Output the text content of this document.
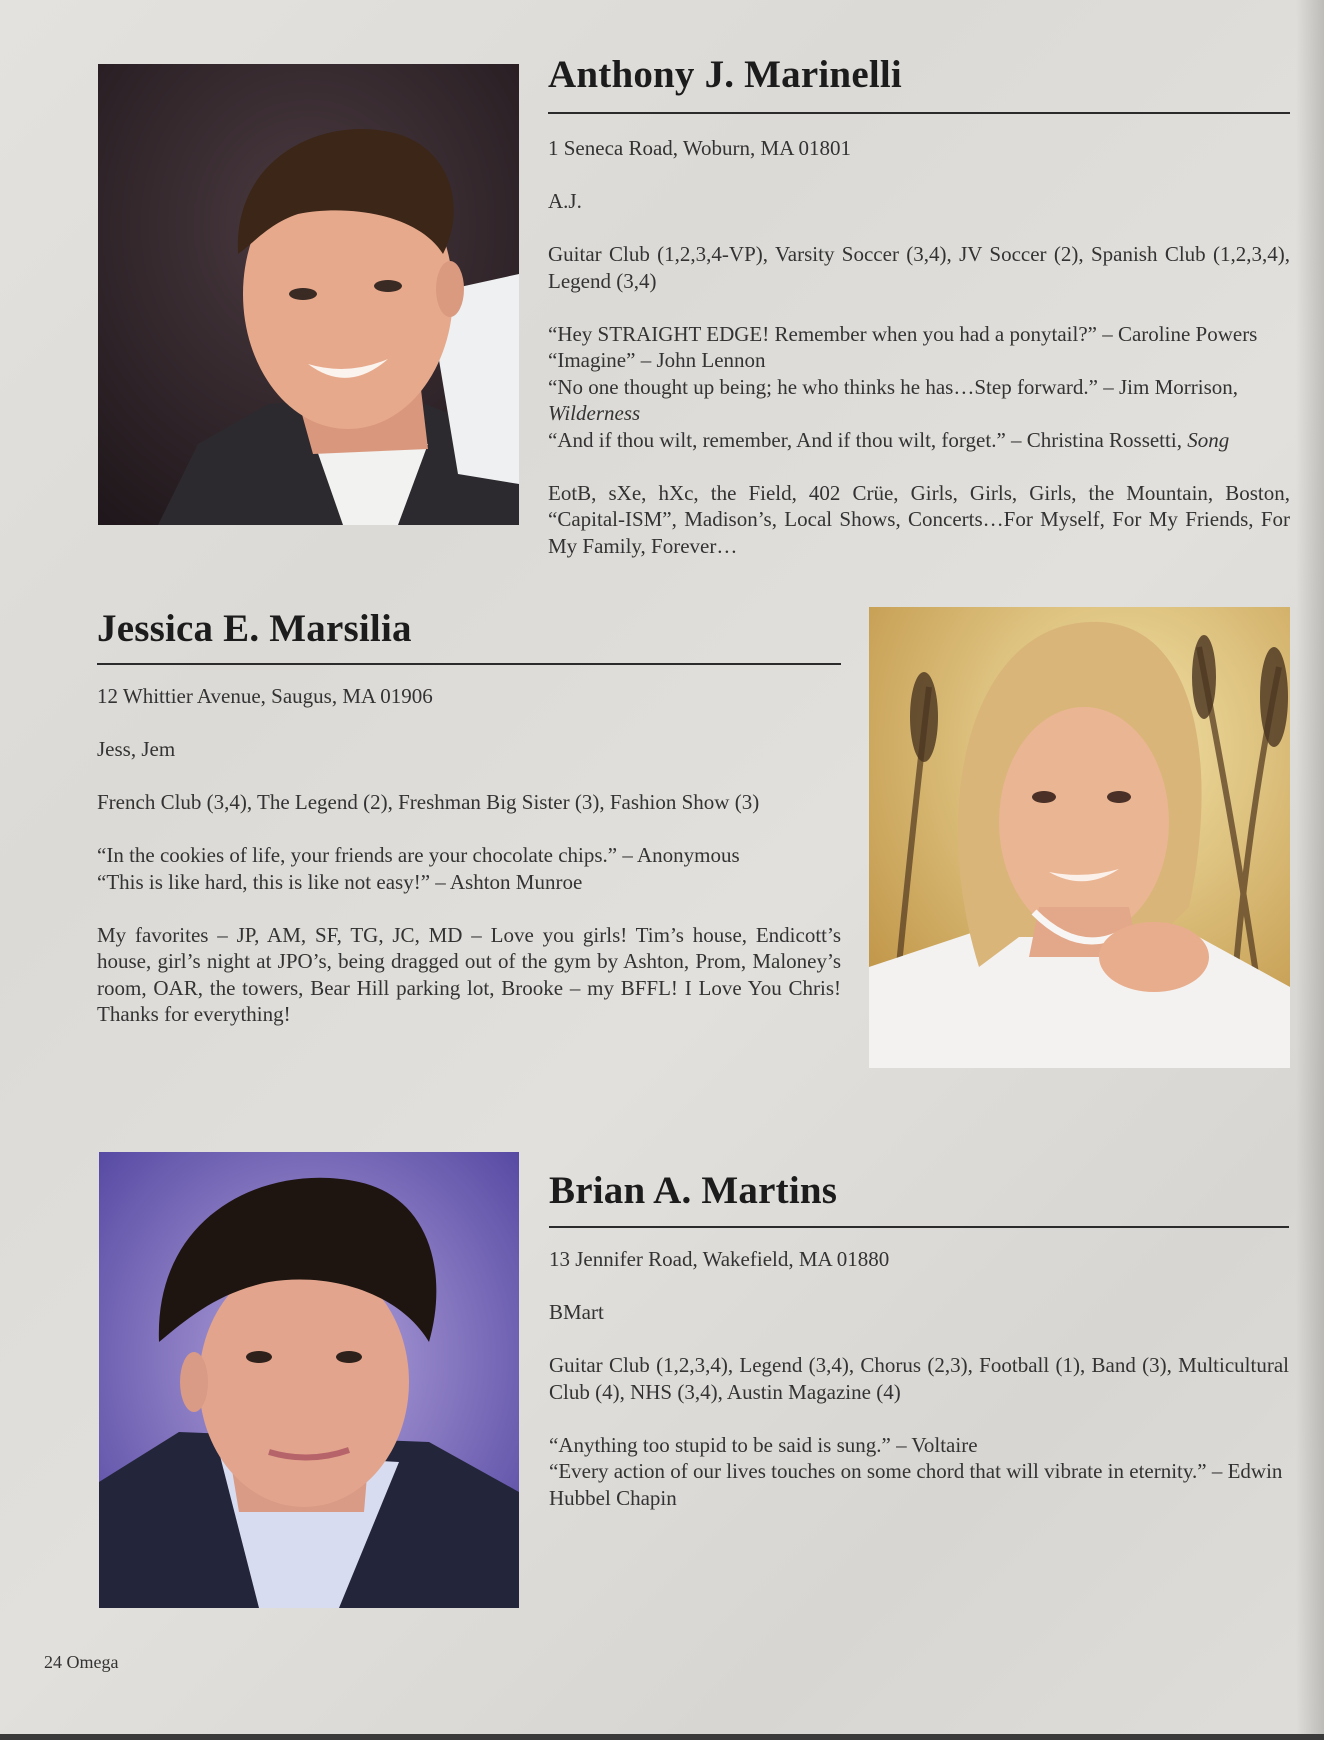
Anthony J. Marinelli

1 Seneca Road, Woburn, MA 01801

A.J.

Guitar Club (1,2,3,4-VP), Varsity Soccer (3,4), JV Soccer (2), Spanish Club (1,2,3,4), Legend (3,4)

“Hey STRAIGHT EDGE! Remember when you had a ponytail?” – Caroline Powers
“Imagine” – John Lennon
“No one thought up being; he who thinks he has…Step forward.” – Jim Morrison, Wilderness
“And if thou wilt, remember, And if thou wilt, forget.” – Christina Rossetti, Song

EotB, sXe, hXc, the Field, 402 Crüe, Girls, Girls, Girls, the Mountain, Boston, “Capital-ISM”, Madison’s, Local Shows, Concerts…For Myself, For My Friends, For My Family, Forever…

Jessica E. Marsilia

12 Whittier Avenue, Saugus, MA 01906

Jess, Jem

French Club (3,4), The Legend (2), Freshman Big Sister (3), Fashion Show (3)

“In the cookies of life, your friends are your chocolate chips.” – Anonymous
“This is like hard, this is like not easy!” – Ashton Munroe

My favorites – JP, AM, SF, TG, JC, MD – Love you girls! Tim’s house, Endicott’s house, girl’s night at JPO’s, being dragged out of the gym by Ashton, Prom, Maloney’s room, OAR, the towers, Bear Hill parking lot, Brooke – my BFFL! I Love You Chris! Thanks for everything!

Brian A. Martins

13 Jennifer Road, Wakefield, MA 01880

BMart

Guitar Club (1,2,3,4), Legend (3,4), Chorus (2,3), Football (1), Band (3), Multicultural Club (4), NHS (3,4), Austin Magazine (4)

“Anything too stupid to be said is sung.” – Voltaire
“Every action of our lives touches on some chord that will vibrate in eternity.” – Edwin Hubbel Chapin

24 Omega
